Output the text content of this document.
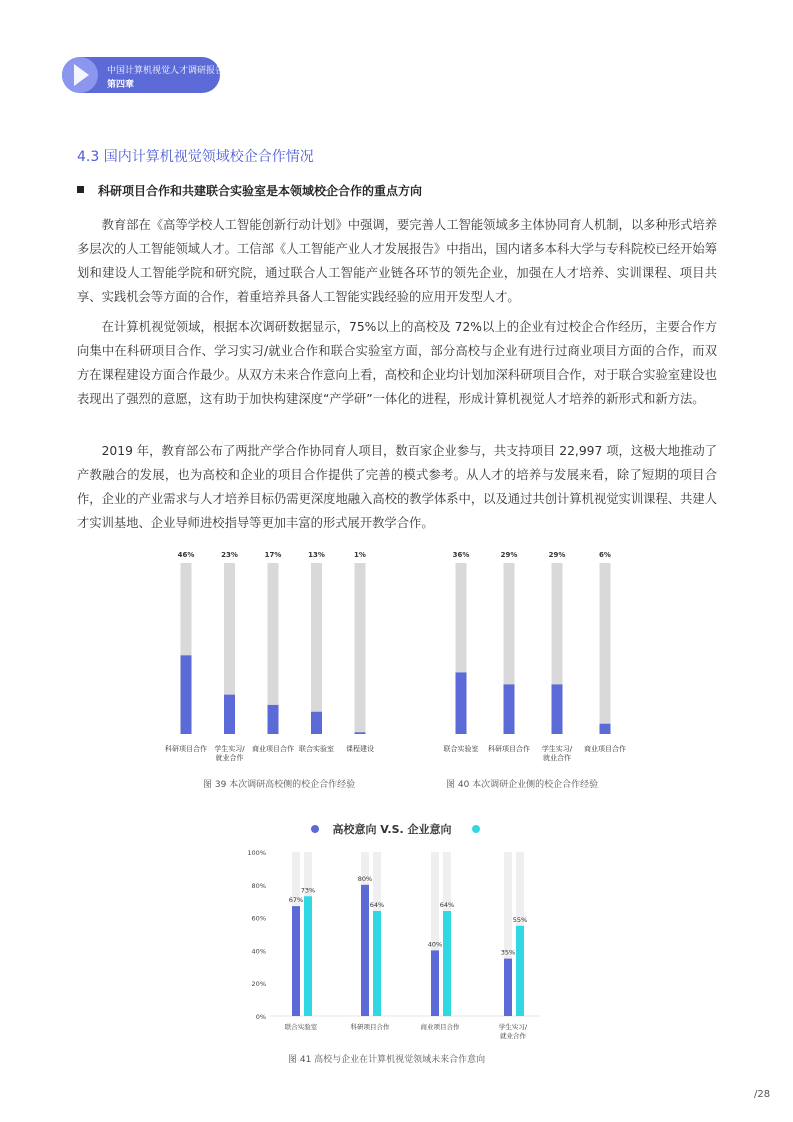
中国计算机视觉人才调研报告
第四章
4.3 国内计算机视觉领域校企合作情况
科研项目合作和共建联合实验室是本领域校企合作的重点方向

教育部在《高等学校人工智能创新行动计划》中强调，要完善人工智能领域多主体协同育人机制，以多种形式培养多层次的人工智能领域人才。工信部《人工智能产业人才发展报告》中指出，国内诸多本科大学与专科院校已经开始筹划和建设人工智能学院和研究院，通过联合人工智能产业链各环节的领先企业，加强在人才培养、实训课程、项目共享、实践机会等方面的合作，着重培养具备人工智能实践经验的应用开发型人才。

在计算机视觉领域，根据本次调研数据显示，75%以上的高校及 72%以上的企业有过校企合作经历，主要合作方向集中在科研项目合作、学习实习/就业合作和联合实验室方面，部分高校与企业有进行过商业项目方面的合作，而双方在课程建设方面合作最少。从双方未来合作意向上看，高校和企业均计划加深科研项目合作，对于联合实验室建设也表现出了强烈的意愿，这有助于加快构建深度“产学研”一体化的进程，形成计算机视觉人才培养的新形式和新方法。

2019 年，教育部公布了两批产学合作协同育人项目，数百家企业参与，共支持项目 22,997 项，这极大地推动了产教融合的发展，也为高校和企业的项目合作提供了完善的模式参考。从人才的培养与发展来看，除了短期的项目合作，企业的产业需求与人才培养目标仍需更深度地融入高校的教学体系中，以及通过共创计算机视觉实训课程、共建人才实训基地、企业导师进校指导等更加丰富的形式展开教学合作。

46%
科研项目合作
23%
学生实习/
就业合作
17%
商业项目合作
13%
联合实验室
1%
课程建设
图 39 本次调研高校侧的校企合作经验
36%
联合实验室
29%
科研项目合作
29%
学生实习/
就业合作
6%
商业项目合作
图 40 本次调研企业侧的校企合作经验
高校意向 V.S. 企业意向
100%
80%
60%
40%
20%
0%
67%
73%
联合实验室
80%
64%
科研项目合作
40%
64%
商业项目合作
35%
55%
学生实习/
就业合作
图 41 高校与企业在计算机视觉领域未来合作意向
/28
